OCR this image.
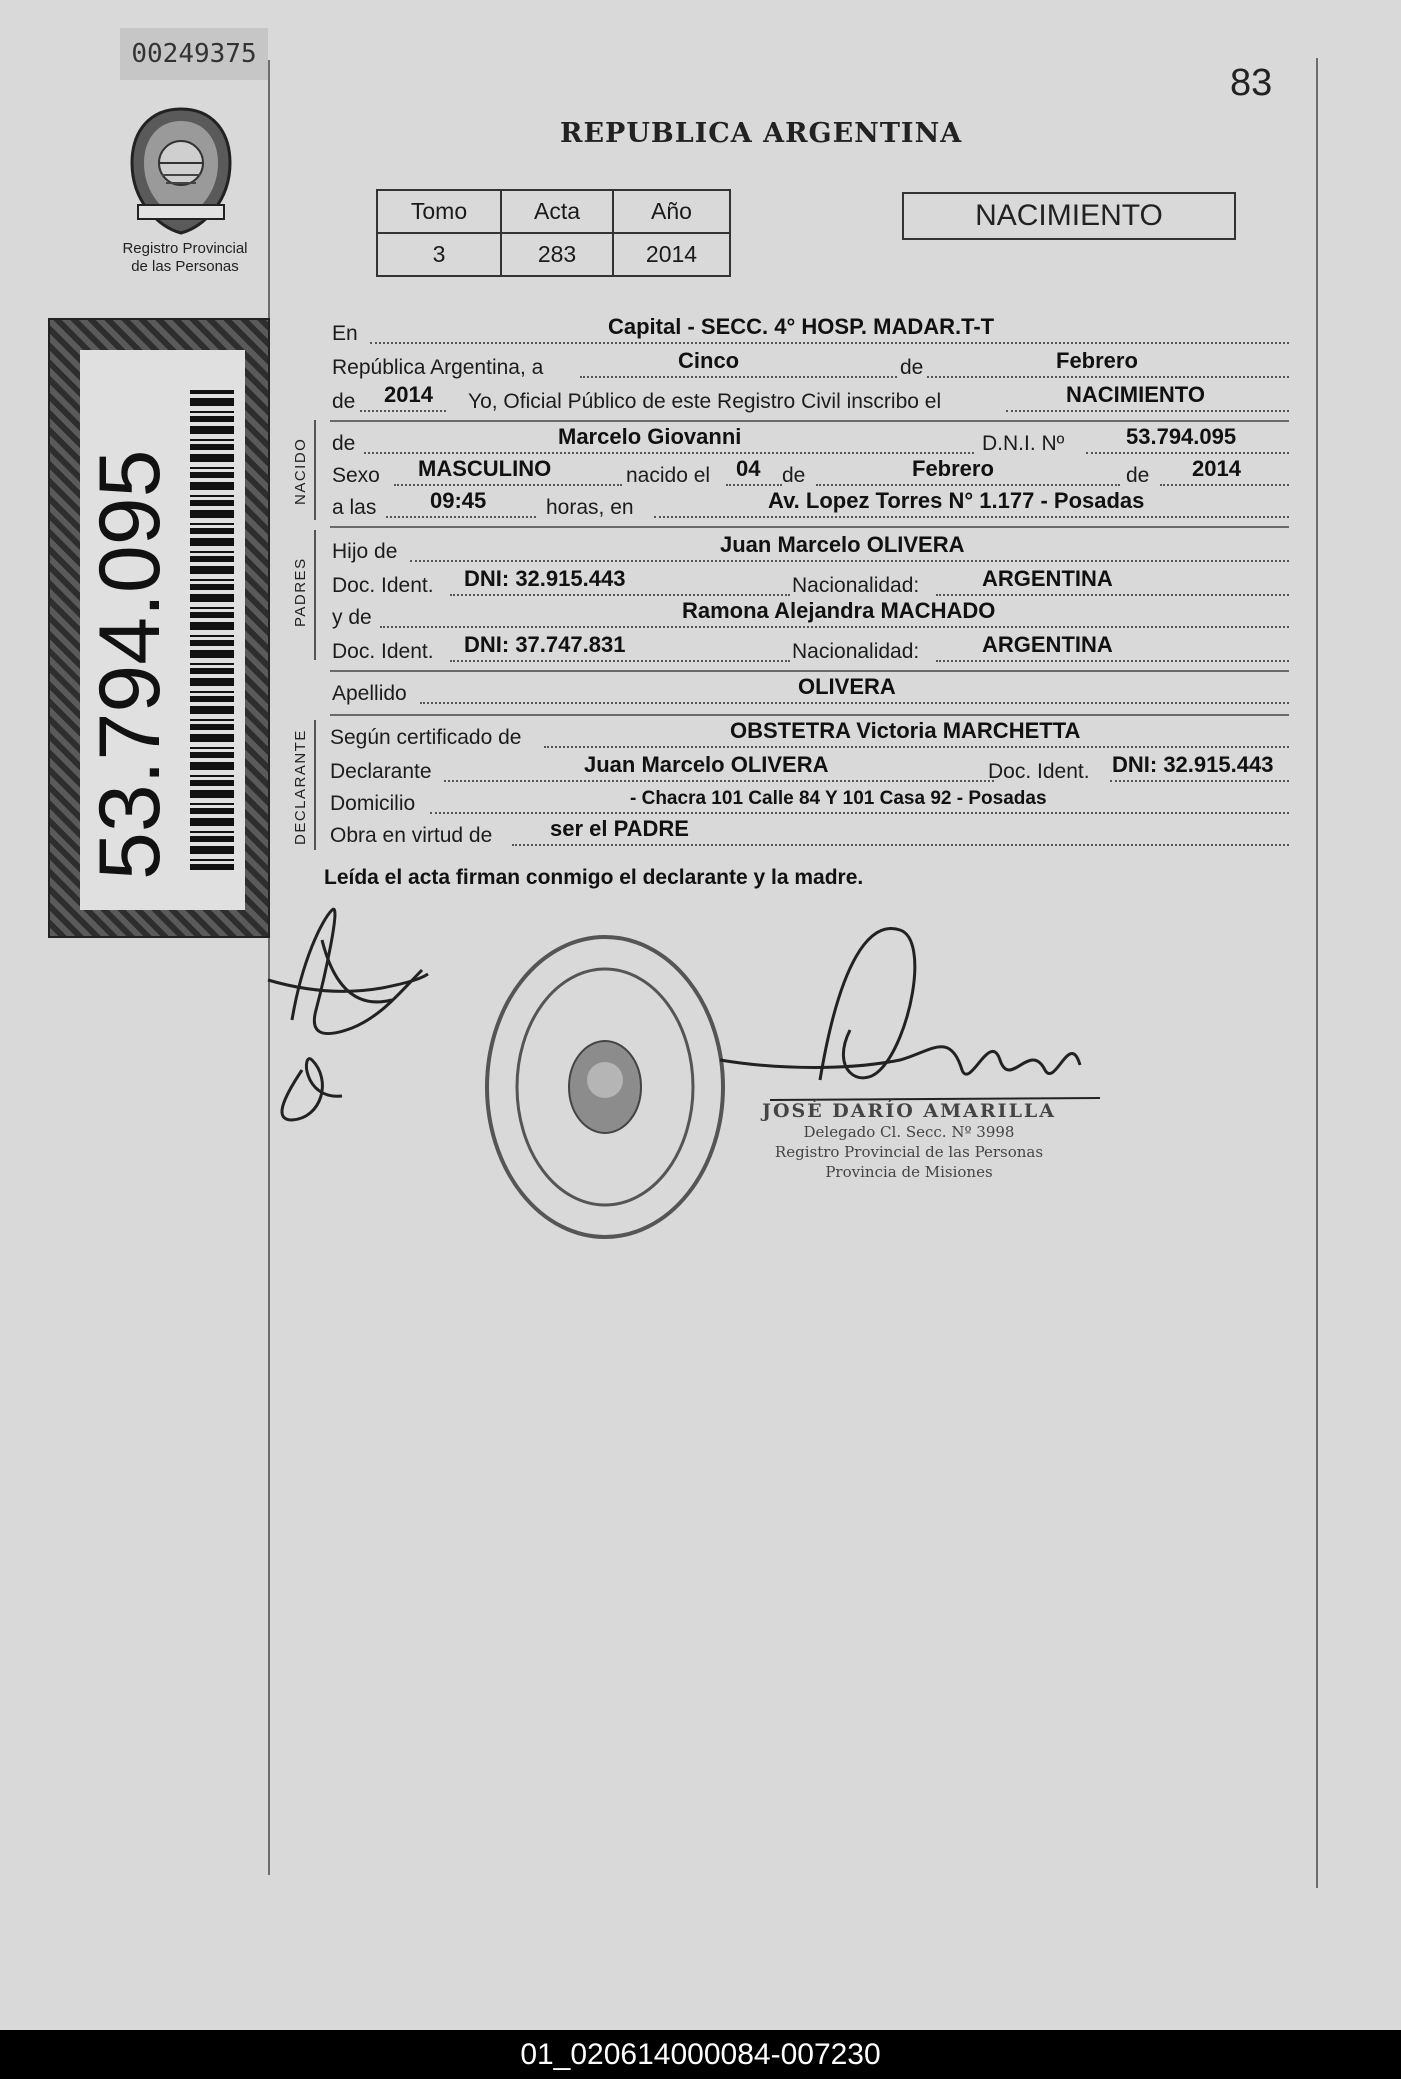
00249375
83
Registro Provincial
de las Personas
REPUBLICA ARGENTINA
Tomo	Acta	Año
3	283	2014
NACIMIENTO
53.794.095	NACIDO
PADRES
DECLARANTE
En	Capital - SECC. 4° HOSP. MADAR.T-T
República Argentina, a	Cinco	de	Febrero
de 2014 Yo, Oficial Público de este Registro Civil inscribo el	NACIMIENTO
de	Marcelo Giovanni	D.N.I. Nº	53.794.095
Sexo MASCULINO	nacido el 04 de	Febrero	de 2014
a las 09:45	horas, en	Av. Lopez Torres N° 1.177 - Posadas
Hijo de	Juan Marcelo OLIVERA
Doc. Ident. DNI: 32.915.443	Nacionalidad:	ARGENTINA
y de	Ramona Alejandra MACHADO
Doc. Ident. DNI: 37.747.831	Nacionalidad:	ARGENTINA
Apellido	OLIVERA
Según certificado de	OBSTETRA Victoria MARCHETTA
Declarante	Juan Marcelo OLIVERA	Doc. Ident. DNI: 32.915.443
Domicilio	- Chacra 101 Calle 84 Y 101 Casa 92 - Posadas
Obra en virtud de	ser el PADRE
Leída el acta firman conmigo el declarante y la madre.
JOSÉ DARÍO AMARILLA
Delegado Cl. Secc. Nº 3998
Registro Provincial de las Personas
Provincia de Misiones
01_020614000084-007230
